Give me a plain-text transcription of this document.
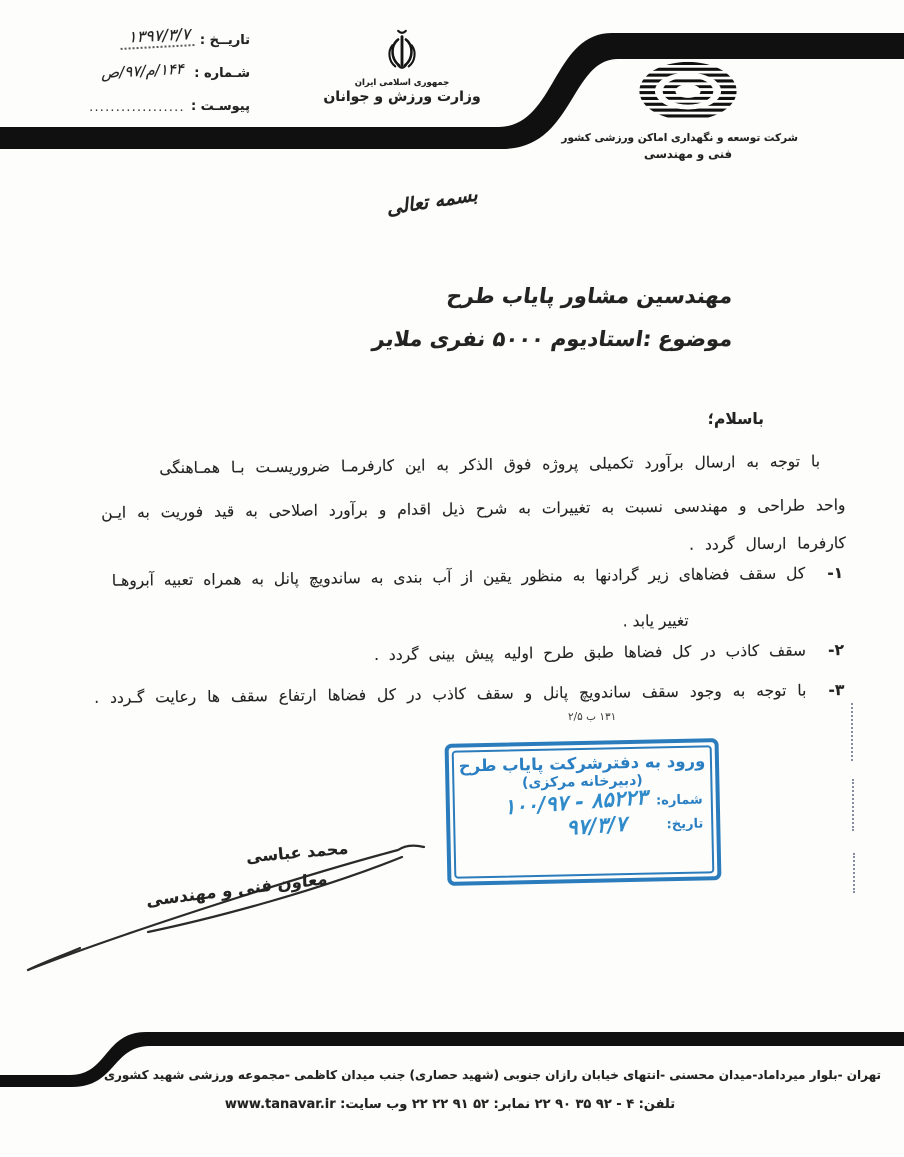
تاریــخ :
۱۳۹۷/۳/۷
شـماره :
۱۴۴/م/۹۷/ص
پیوسـت :
..................
جمهوری اسلامی ایران
وزارت ورزش و جوانان
شرکت توسعه و نگهداری اماکن ورزشی کشور
فنی و مهندسی
بسمه تعالی
مهندسین مشاور پایاب طرح
موضوع :استادیوم ۵۰۰۰ نفری ملایر
باسلام؛
با توجه به ارسال برآورد تکمیلی پروژه فوق الذکر به این کارفرمـا ضروریسـت بـا همـاهنگی
واحد طراحی و مهندسی نسبت به تغییرات به شرح ذیل اقدام و برآورد اصلاحی به قید فوریت به ایـن
کارفرما ارسال گردد .
۱-
کل سقف فضاهای زیر گرادنها به منظور یقین از آب بندی به ساندویچ پانل به همراه تعبیه آبروهـا
تغییر یابد .
۲-
سقف کاذب در کل فضاها طبق طرح اولیه پیش بینی گردد .
۳-
با توجه به وجود سقف ساندویچ پانل و سقف کاذب در کل فضاها ارتفاع سقف ها رعایت گـردد .
۱۳۱ ب ۲/۵
ورود به دفترشرکت پایاب طرح
(دبیرخانه مرکزی)
شماره:
۸۵۲۲۳ - ۱۰۰/۹۷
تاریخ:
۹۷/۳/۷
محمد عباسی
معاون فنی و مهندسی
تهران -بلوار میرداماد-میدان محسنی -انتهای خیابان رازان جنوبی (شهید حصاری) جنب میدان کاظمی -مجموعه ورزشی شهید کشوری
تلفن: ۴ - ۹۲ ۳۵ ۹۰ ۲۲ نمابر: ۵۲ ۹۱ ۲۲ ۲۲ وب سایت: www.tanavar.ir
